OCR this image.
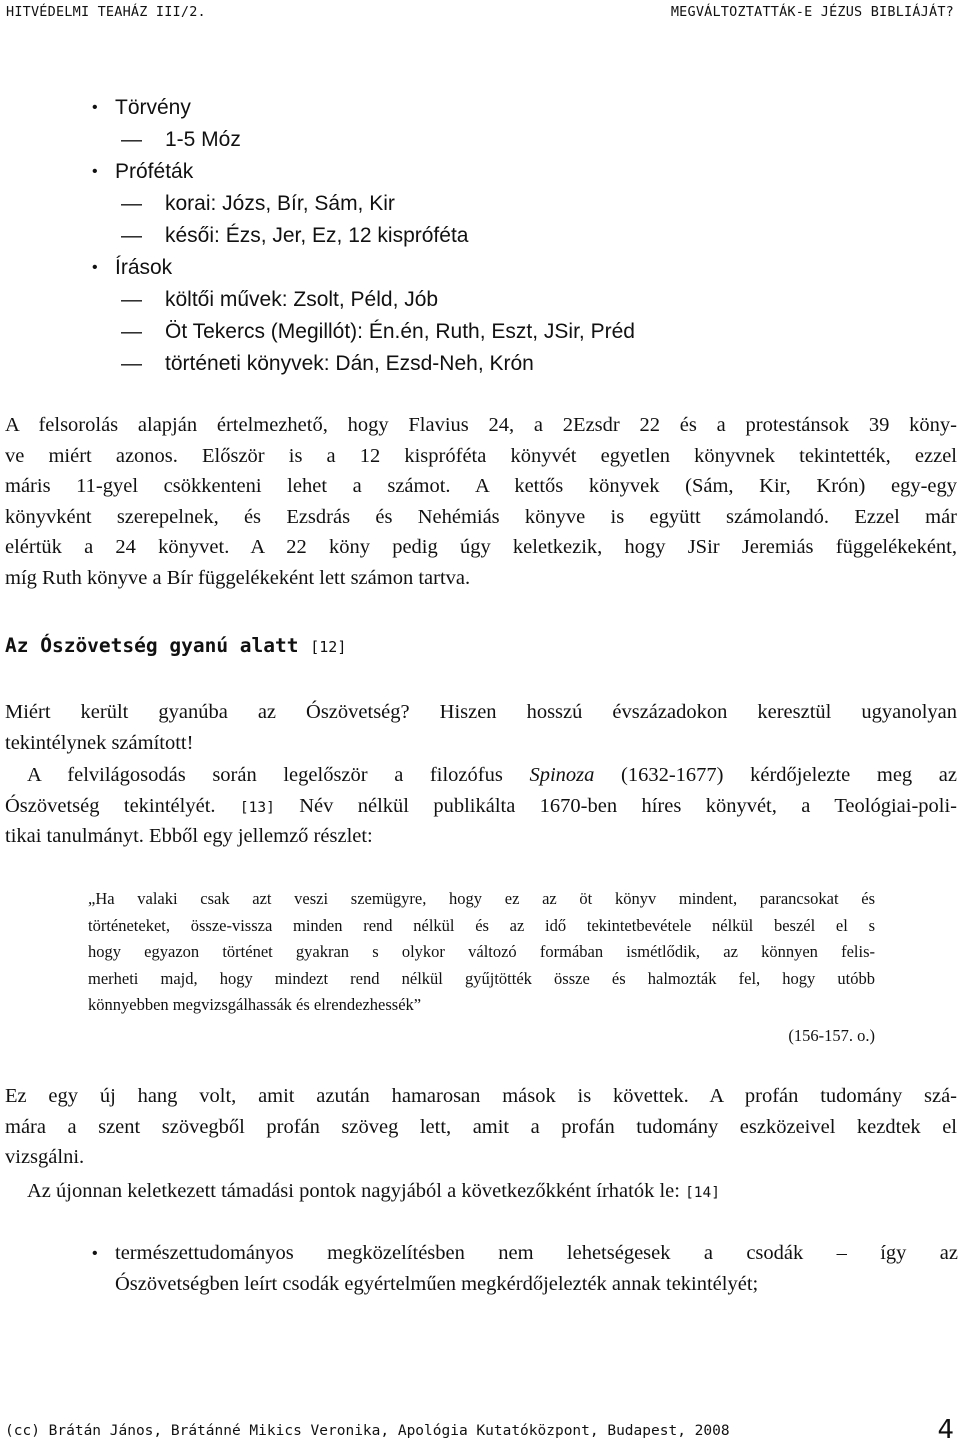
HITVÉDELMI TEAHÁZ III/2.	MEGVÁLTOZTATTÁK-E JÉZUS BIBLIÁJÁT?
• Törvény
— 1-5 Móz
• Próféták
— korai: Józs, Bír, Sám, Kir
— késői: Ézs, Jer, Ez, 12 kispróféta
• Írások
— költői művek: Zsolt, Péld, Jób
— Öt Tekercs (Megillót): Én.én, Ruth, Eszt, JSir, Préd
— történeti könyvek: Dán, Ezsd-Neh, Krón
A felsorolás alapján értelmezhető, hogy Flavius 24, a 2Ezsdr 22 és a protestánsok 39 köny-
ve miért azonos. Először is a 12 kispróféta könyvét egyetlen könyvnek tekintették, ezzel
máris 11-gyel csökkenteni lehet a számot. A kettős könyvek (Sám, Kir, Krón) egy-egy
könyvként szerepelnek, és Ezsdrás és Nehémiás könyve is együtt számolandó. Ezzel már
elértük a 24 könyvet. A 22 köny pedig úgy keletkezik, hogy JSir Jeremiás függelékeként,
míg Ruth könyve a Bír függelékeként lett számon tartva.
Az Ószövetség gyanú alatt [12]
Miért került gyanúba az Ószövetség? Hiszen hosszú évszázadokon keresztül ugyanolyan
tekintélynek számított!
A felvilágosodás során legelőször a filozófus Spinoza (1632-1677) kérdőjelezte meg az
Ószövetség tekintélyét. [13] Név nélkül publikálta 1670-ben híres könyvét, a Teológiai-poli-
tikai tanulmányt. Ebből egy jellemző részlet:
„Ha valaki csak azt veszi szemügyre, hogy ez az öt könyv mindent, parancsokat és
történeteket, össze-vissza minden rend nélkül és az idő tekintetbevétele nélkül beszél el s
hogy egyazon történet gyakran s olykor változó formában ismétlődik, az könnyen felis-
merheti majd, hogy mindezt rend nélkül gyűjtötték össze és halmozták fel, hogy utóbb
könnyebben megvizsgálhassák és elrendezhessék”
(156-157. o.)
Ez egy új hang volt, amit azután hamarosan mások is követtek. A profán tudomány szá-
mára a szent szövegből profán szöveg lett, amit a profán tudomány eszközeivel kezdtek el
vizsgálni.
Az újonnan keletkezett támadási pontok nagyjából a következőkként írhatók le: [14]
• természettudományos megközelítésben nem lehetségesek a csodák – így az
Ószövetségben leírt csodák egyértelműen megkérdőjelezték annak tekintélyét;
(cc) Brátán János, Brátánné Mikics Veronika, Apológia Kutatóközpont, Budapest, 2008	4
